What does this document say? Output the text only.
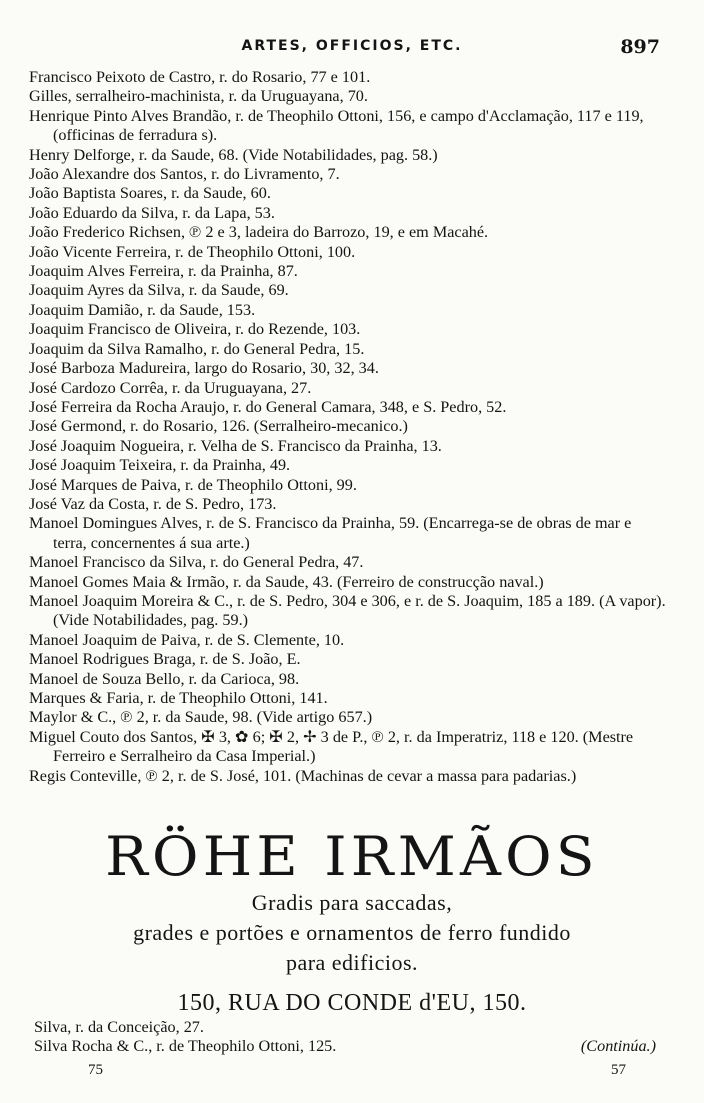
ARTES, OFFICIOS, ETC.	897

Francisco Peixoto de Castro, r. do Rosario, 77 e 101.

Gilles, serralheiro-machinista, r. da Uruguayana, 70.

Henrique Pinto Alves Brandão, r. de Theophilo Ottoni, 156, e campo d'Acclamação, 117 e 119, (officinas de ferradura s).

Henry Delforge, r. da Saude, 68. (Vide Notabilidades, pag. 58.)

João Alexandre dos Santos, r. do Livramento, 7.

João Baptista Soares, r. da Saude, 60.

João Eduardo da Silva, r. da Lapa, 53.

João Frederico Richsen, ℗ 2 e 3, ladeira do Barrozo, 19, e em Macahé.

João Vicente Ferreira, r. de Theophilo Ottoni, 100.

Joaquim Alves Ferreira, r. da Prainha, 87.

Joaquim Ayres da Silva, r. da Saude, 69.

Joaquim Damião, r. da Saude, 153.

Joaquim Francisco de Oliveira, r. do Rezende, 103.

Joaquim da Silva Ramalho, r. do General Pedra, 15.

José Barboza Madureira, largo do Rosario, 30, 32, 34.

José Cardozo Corrêa, r. da Uruguayana, 27.

José Ferreira da Rocha Araujo, r. do General Camara, 348, e S. Pedro, 52.

José Germond, r. do Rosario, 126. (Serralheiro-mecanico.)

José Joaquim Nogueira, r. Velha de S. Francisco da Prainha, 13.

José Joaquim Teixeira, r. da Prainha, 49.

José Marques de Paiva, r. de Theophilo Ottoni, 99.

José Vaz da Costa, r. de S. Pedro, 173.

Manoel Domingues Alves, r. de S. Francisco da Prainha, 59. (Encarrega-se de obras de mar e terra, concernentes á sua arte.)

Manoel Francisco da Silva, r. do General Pedra, 47.

Manoel Gomes Maia & Irmão, r. da Saude, 43. (Ferreiro de construcção naval.)

Manoel Joaquim Moreira & C., r. de S. Pedro, 304 e 306, e r. de S. Joaquim, 185 a 189. (A vapor). (Vide Notabilidades, pag. 59.)

Manoel Joaquim de Paiva, r. de S. Clemente, 10.

Manoel Rodrigues Braga, r. de S. João, E.

Manoel de Souza Bello, r. da Carioca, 98.

Marques & Faria, r. de Theophilo Ottoni, 141.

Maylor & C., ℗ 2, r. da Saude, 98. (Vide artigo 657.)

Miguel Couto dos Santos, ✠ 3, ✿ 6; ✠ 2, ✢ 3 de P., ℗ 2, r. da Imperatriz, 118 e 120. (Mestre Ferreiro e Serralheiro da Casa Imperial.)

Regis Conteville, ℗ 2, r. de S. José, 101. (Machinas de cevar a massa para padarias.)

RÖHE IRMÃOS
Gradis para saccadas,
grades e portões e ornamentos de ferro fundido
para edificios.
150, RUA DO CONDE d'EU, 150.
Silva, r. da Conceição, 27.
Silva Rocha & C., r. de Theophilo Ottoni, 125.	(Continúa.)
75	57
